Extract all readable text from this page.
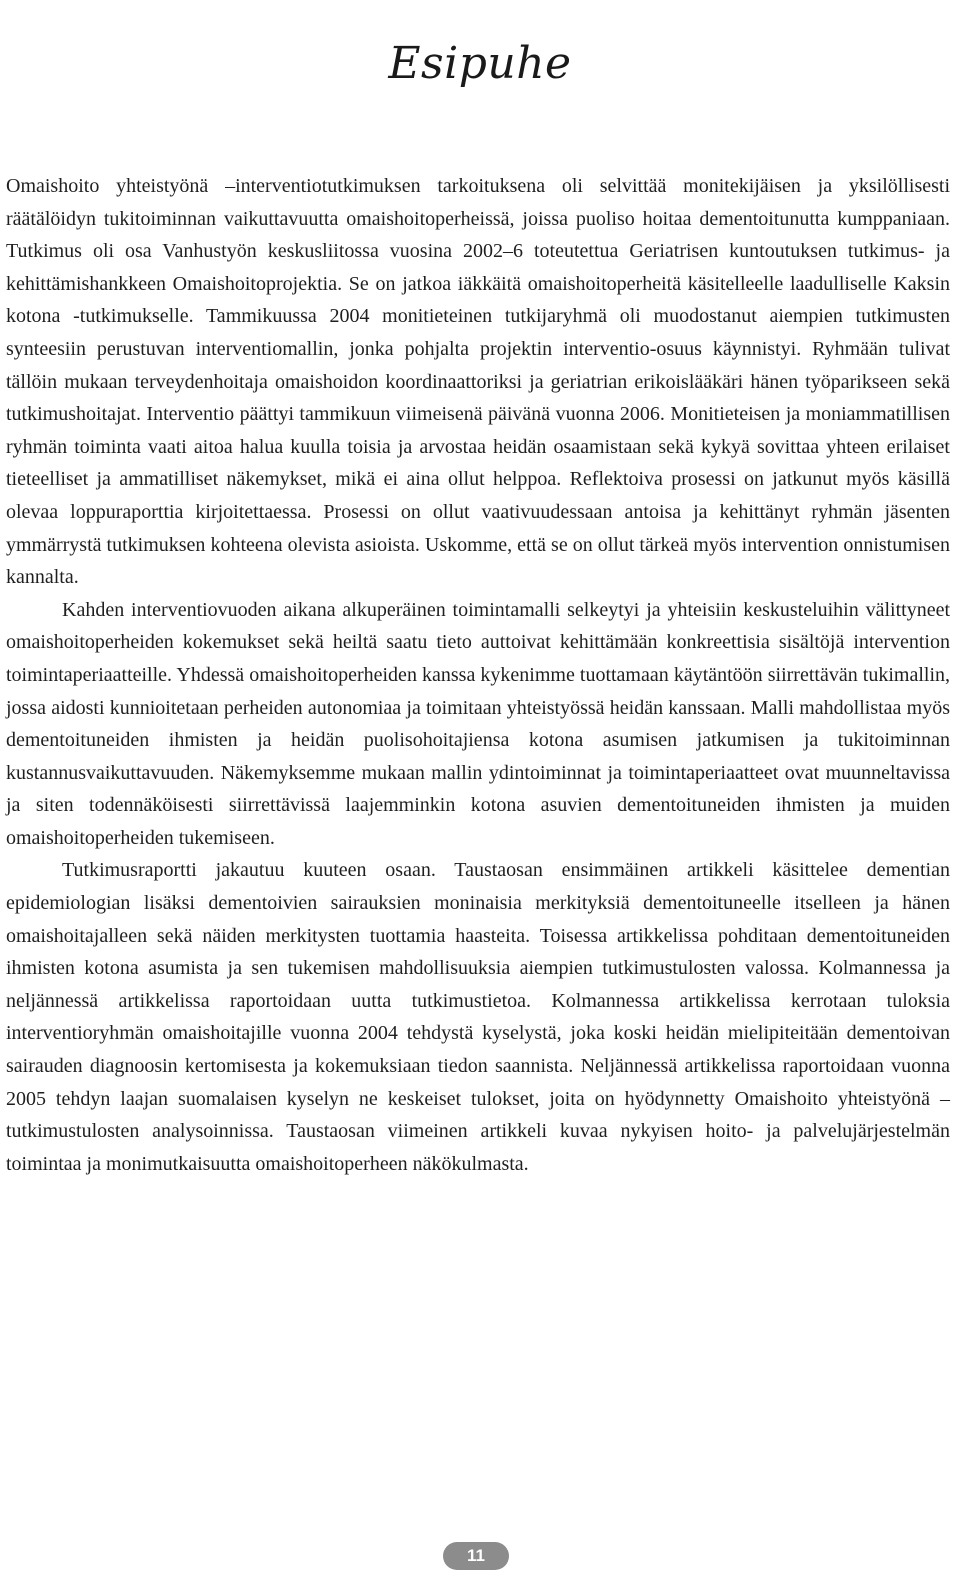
Esipuhe

Omaishoito yhteistyönä –interventiotutkimuksen tarkoituksena oli selvittää monitekijäisen ja yksilöllisesti räätälöidyn tukitoiminnan vaikuttavuutta omaishoitoperheissä, joissa puoliso hoitaa dementoitunutta kumppaniaan. Tutkimus oli osa Vanhustyön keskusliitossa vuosina 2002–6 toteutettua Geriatrisen kuntoutuksen tutkimus- ja kehittämishankkeen Omaishoitoprojektia. Se on jatkoa iäkkäitä omaishoitoperheitä käsitelleelle laadulliselle Kaksin kotona -tutkimukselle. Tammikuussa 2004 monitieteinen tutkijaryhmä oli muodostanut aiempien tutkimusten synteesiin perustuvan interventiomallin, jonka pohjalta projektin interventio-osuus käynnistyi. Ryhmään tulivat tällöin mukaan terveydenhoitaja omaishoidon koordinaattoriksi ja geriatrian erikoislääkäri hänen työparikseen sekä tutkimushoitajat. Interventio päättyi tammikuun viimeisenä päivänä vuonna 2006. Monitieteisen ja moniammatillisen ryhmän toiminta vaati aitoa halua kuulla toisia ja arvostaa heidän osaamistaan sekä kykyä sovittaa yhteen erilaiset tieteelliset ja ammatilliset näkemykset, mikä ei aina ollut helppoa. Reflektoiva prosessi on jatkunut myös käsillä olevaa loppuraporttia kirjoitettaessa. Prosessi on ollut vaativuudessaan antoisa ja kehittänyt ryhmän jäsenten ymmärrystä tutkimuksen kohteena olevista asioista. Uskomme, että se on ollut tärkeä myös intervention onnistumisen kannalta.

Kahden interventiovuoden aikana alkuperäinen toimintamalli selkeytyi ja yhteisiin keskusteluihin välittyneet omaishoitoperheiden kokemukset sekä heiltä saatu tieto auttoivat kehittämään konkreettisia sisältöjä intervention toimintaperiaatteille. Yhdessä omaishoitoperheiden kanssa kykenimme tuottamaan käytäntöön siirrettävän tukimallin, jossa aidosti kunnioitetaan perheiden autonomiaa ja toimitaan yhteistyössä heidän kanssaan. Malli mahdollistaa myös dementoituneiden ihmisten ja heidän puolisohoitajiensa kotona asumisen jatkumisen ja tukitoiminnan kustannusvaikuttavuuden. Näkemyksemme mukaan mallin ydintoiminnat ja toimintaperiaatteet ovat muunneltavissa ja siten todennäköisesti siirrettävissä laajemminkin kotona asuvien dementoituneiden ihmisten ja muiden omaishoitoperheiden tukemiseen.

Tutkimusraportti jakautuu kuuteen osaan. Taustaosan ensimmäinen artikkeli käsittelee dementian epidemiologian lisäksi dementoivien sairauksien moninaisia merkityksiä dementoituneelle itselleen ja hänen omaishoitajalleen sekä näiden merkitysten tuottamia haasteita. Toisessa artikkelissa pohditaan dementoituneiden ihmisten kotona asumista ja sen tukemisen mahdollisuuksia aiempien tutkimustulosten valossa. Kolmannessa ja neljännessä artikkelissa raportoidaan uutta tutkimustietoa. Kolmannessa artikkelissa kerrotaan tuloksia interventioryhmän omaishoitajille vuonna 2004 tehdystä kyselystä, joka koski heidän mielipiteitään dementoivan sairauden diagnoosin kertomisesta ja kokemuksiaan tiedon saannista. Neljännessä artikkelissa raportoidaan vuonna 2005 tehdyn laajan suomalaisen kyselyn ne keskeiset tulokset, joita on hyödynnetty Omaishoito yhteistyönä –tutkimustulosten analysoinnissa. Taustaosan viimeinen artikkeli kuvaa nykyisen hoito- ja palvelujärjestelmän toimintaa ja monimutkaisuutta omaishoitoperheen näkökulmasta.

11
